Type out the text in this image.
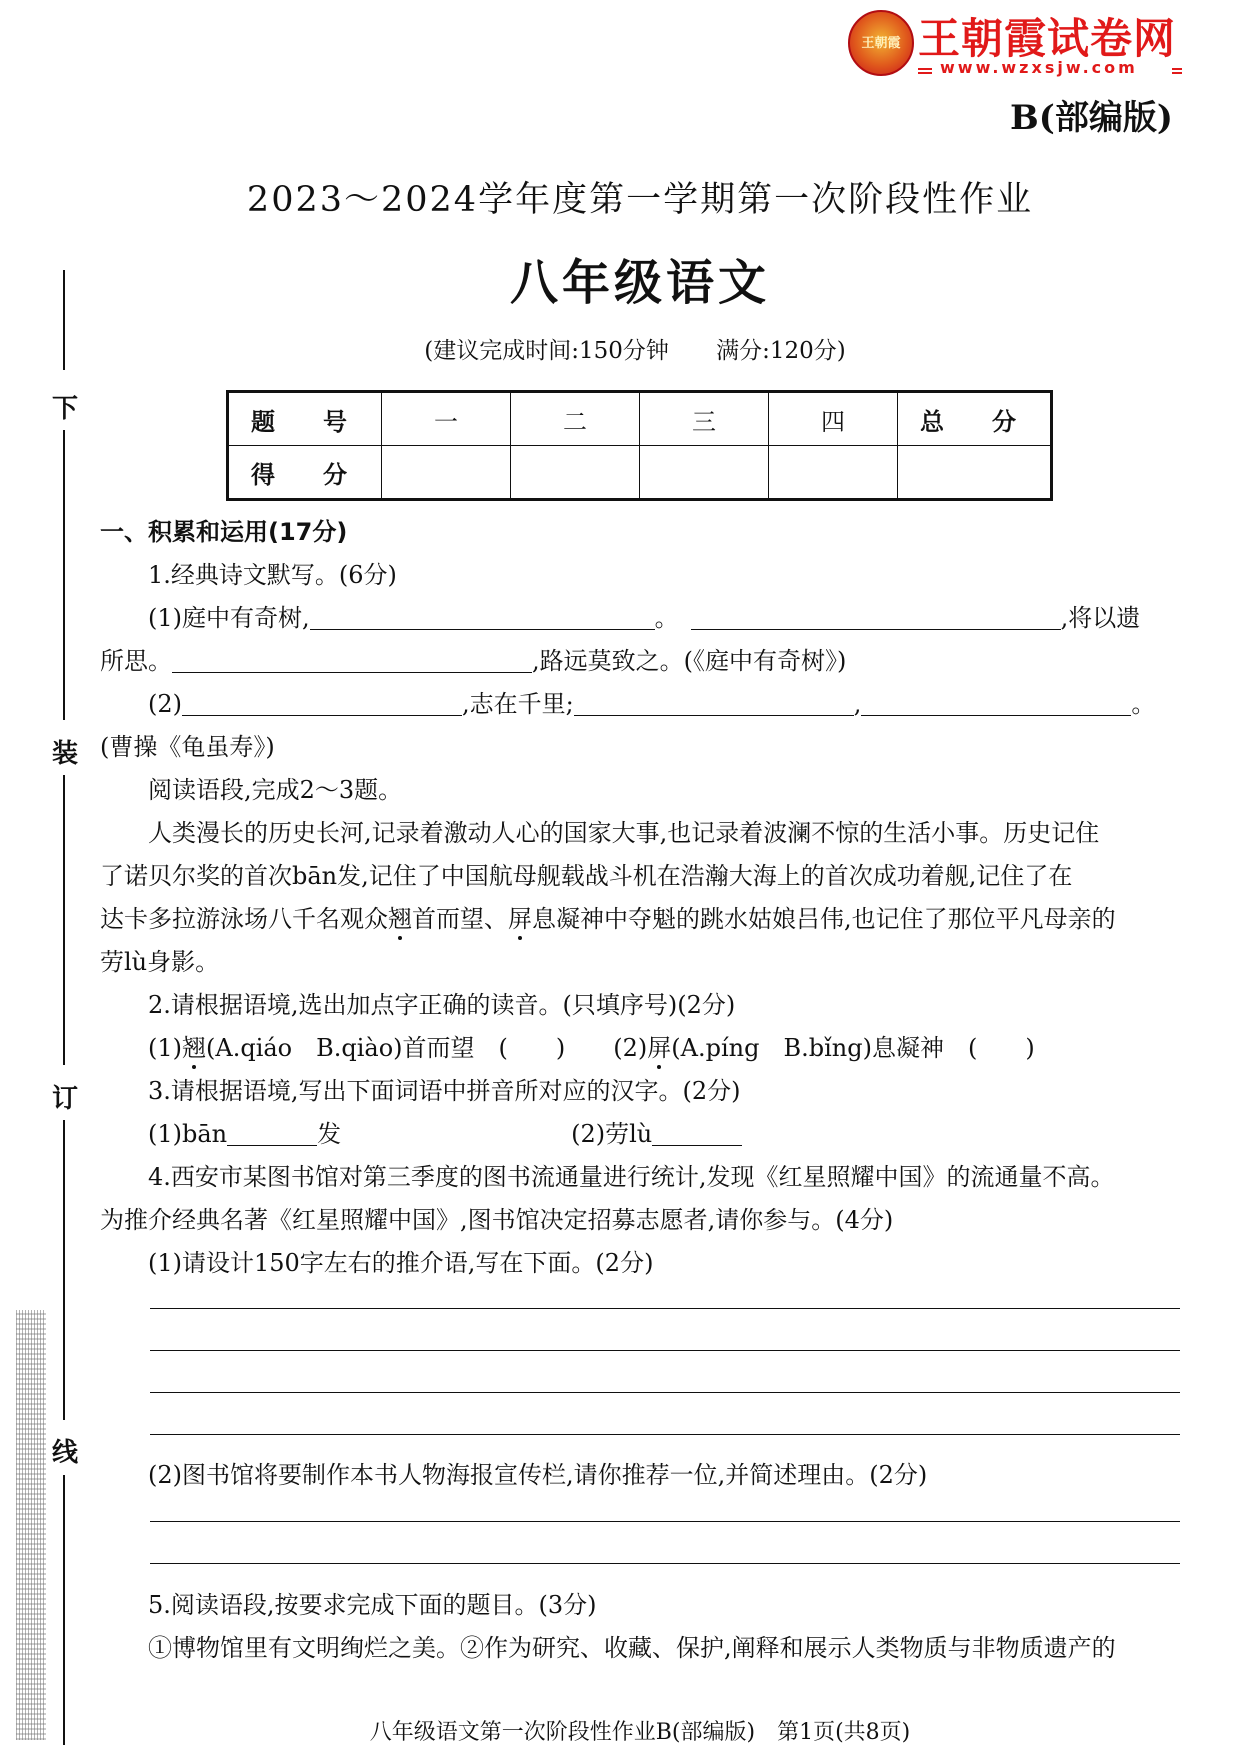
王朝霞 王朝霞试卷网
www.wzxsjw.com
B(部编版)
2023～2024学年度第一学期第一次阶段性作业
八年级语文
(建议完成时间:150分钟 满分:120分)
下
装
订
线
题　号	一	二	三	四	总　分
得　分					
一、积累和运用(17分)
1.经典诗文默写。(6分)
(1)庭中有奇树,	。　	,将以遗
所思。	,路远莫致之。(《庭中有奇树》)
(2)	,志在千里;	,	。
(曹操《龟虽寿》)
阅读语段,完成2～3题。
人类漫长的历史长河,记录着激动人心的国家大事,也记录着波澜不惊的生活小事。历史记住
了诺贝尔奖的首次bān发,记住了中国航母舰载战斗机在浩瀚大海上的首次成功着舰,记住了在
达卡多拉游泳场八千名观众翘首而望、屏息凝神中夺魁的跳水姑娘吕伟,也记住了那位平凡母亲的
劳lù身影。
2.请根据语境,选出加点字正确的读音。(只填序号)(2分)
(1)翘(A.qiáo　B.qiào)首而望　 (　　)　　 (2)屏(A.píng　B.bǐng)息凝神　 (　　)
3.请根据语境,写出下面词语中拼音所对应的汉字。(2分)
(1)bān	发	(2)劳lù
4.西安市某图书馆对第三季度的图书流通量进行统计,发现《红星照耀中国》的流通量不高。
为推介经典名著《红星照耀中国》,图书馆决定招募志愿者,请你参与。(4分)
(1)请设计150字左右的推介语,写在下面。(2分)
(2)图书馆将要制作本书人物海报宣传栏,请你推荐一位,并简述理由。(2分)
5.阅读语段,按要求完成下面的题目。(3分)
①博物馆里有文明绚烂之美。②作为研究、收藏、保护,阐释和展示人类物质与非物质遗产的
八年级语文第一次阶段性作业B(部编版)　第1页(共8页)
